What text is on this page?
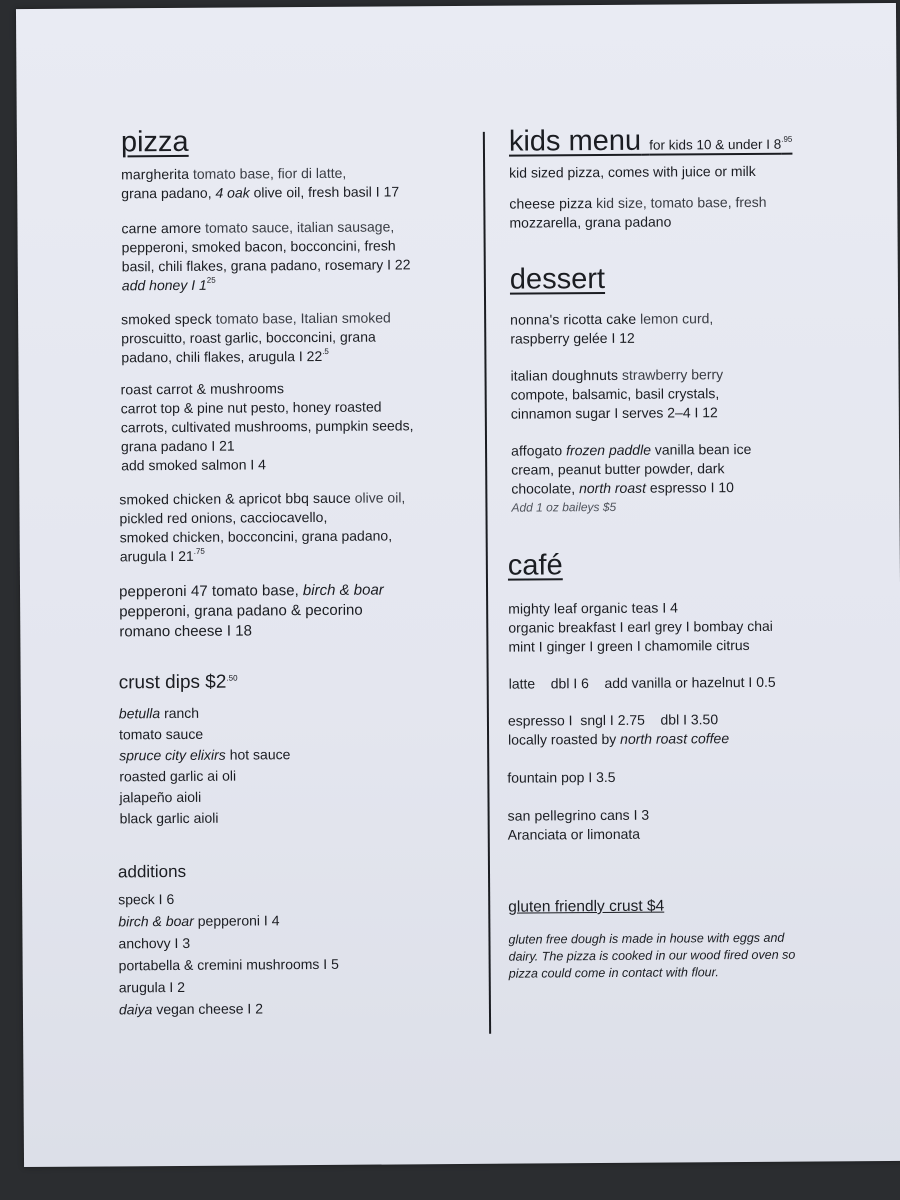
pizza

margherita tomato base, fior di latte,

grana padano, 4 oak olive oil, fresh basil I 17

carne amore tomato sauce, italian sausage,

pepperoni, smoked bacon, bocconcini, fresh

basil, chili flakes, grana padano, rosemary I 22

add honey I $1^{25}$

smoked speck tomato base, Italian smoked

proscuitto, roast garlic, bocconcini, grana

padano, chili flakes, arugula I $22^{.5}$

roast carrot & mushrooms

carrot top & pine nut pesto, honey roasted

carrots, cultivated mushrooms, pumpkin seeds,

grana padano I 21

add smoked salmon I 4

smoked chicken & apricot bbq sauce olive oil,

pickled red onions, cacciocavello,

smoked chicken, bocconcini, grana padano,

arugula I $21^{.75}$

pepperoni 47 tomato base, birch & boar

pepperoni, grana padano & pecorino

romano cheese I 18

crust dips $\$2^{.50}$

betulla ranch

tomato sauce

spruce city elixirs hot sauce

roasted garlic ai oli

jalapeño aioli

black garlic aioli

additions

speck I 6

birch & boar pepperoni I 4

anchovy I 3

portabella & cremini mushrooms I 5

arugula I 2

daiya vegan cheese I 2

kids menu for kids 10 & under I $8^{.95}$
kid sized pizza, comes with juice or milk

cheese pizza kid size, tomato base, fresh

mozzarella, grana padano

dessert

nonna's ricotta cake lemon curd,

raspberry gelée I 12

italian doughnuts strawberry berry

compote, balsamic, basil crystals,

cinnamon sugar I serves 2–4 I 12

affogato frozen paddle vanilla bean ice

cream, peanut butter powder, dark

chocolate, north roast espresso I 10

Add 1 oz baileys $5

café

mighty leaf organic teas I 4

organic breakfast I earl grey I bombay chai

mint I ginger I green I chamomile citrus

latte    dbl I 6    add vanilla or hazelnut I 0.5

espresso I  sngl I 2.75    dbl I 3.50

locally roasted by north roast coffee

fountain pop I 3.5

san pellegrino cans I 3

Aranciata or limonata

gluten friendly crust $4

gluten free dough is made in house with eggs and

dairy. The pizza is cooked in our wood fired oven so

pizza could come in contact with flour.
